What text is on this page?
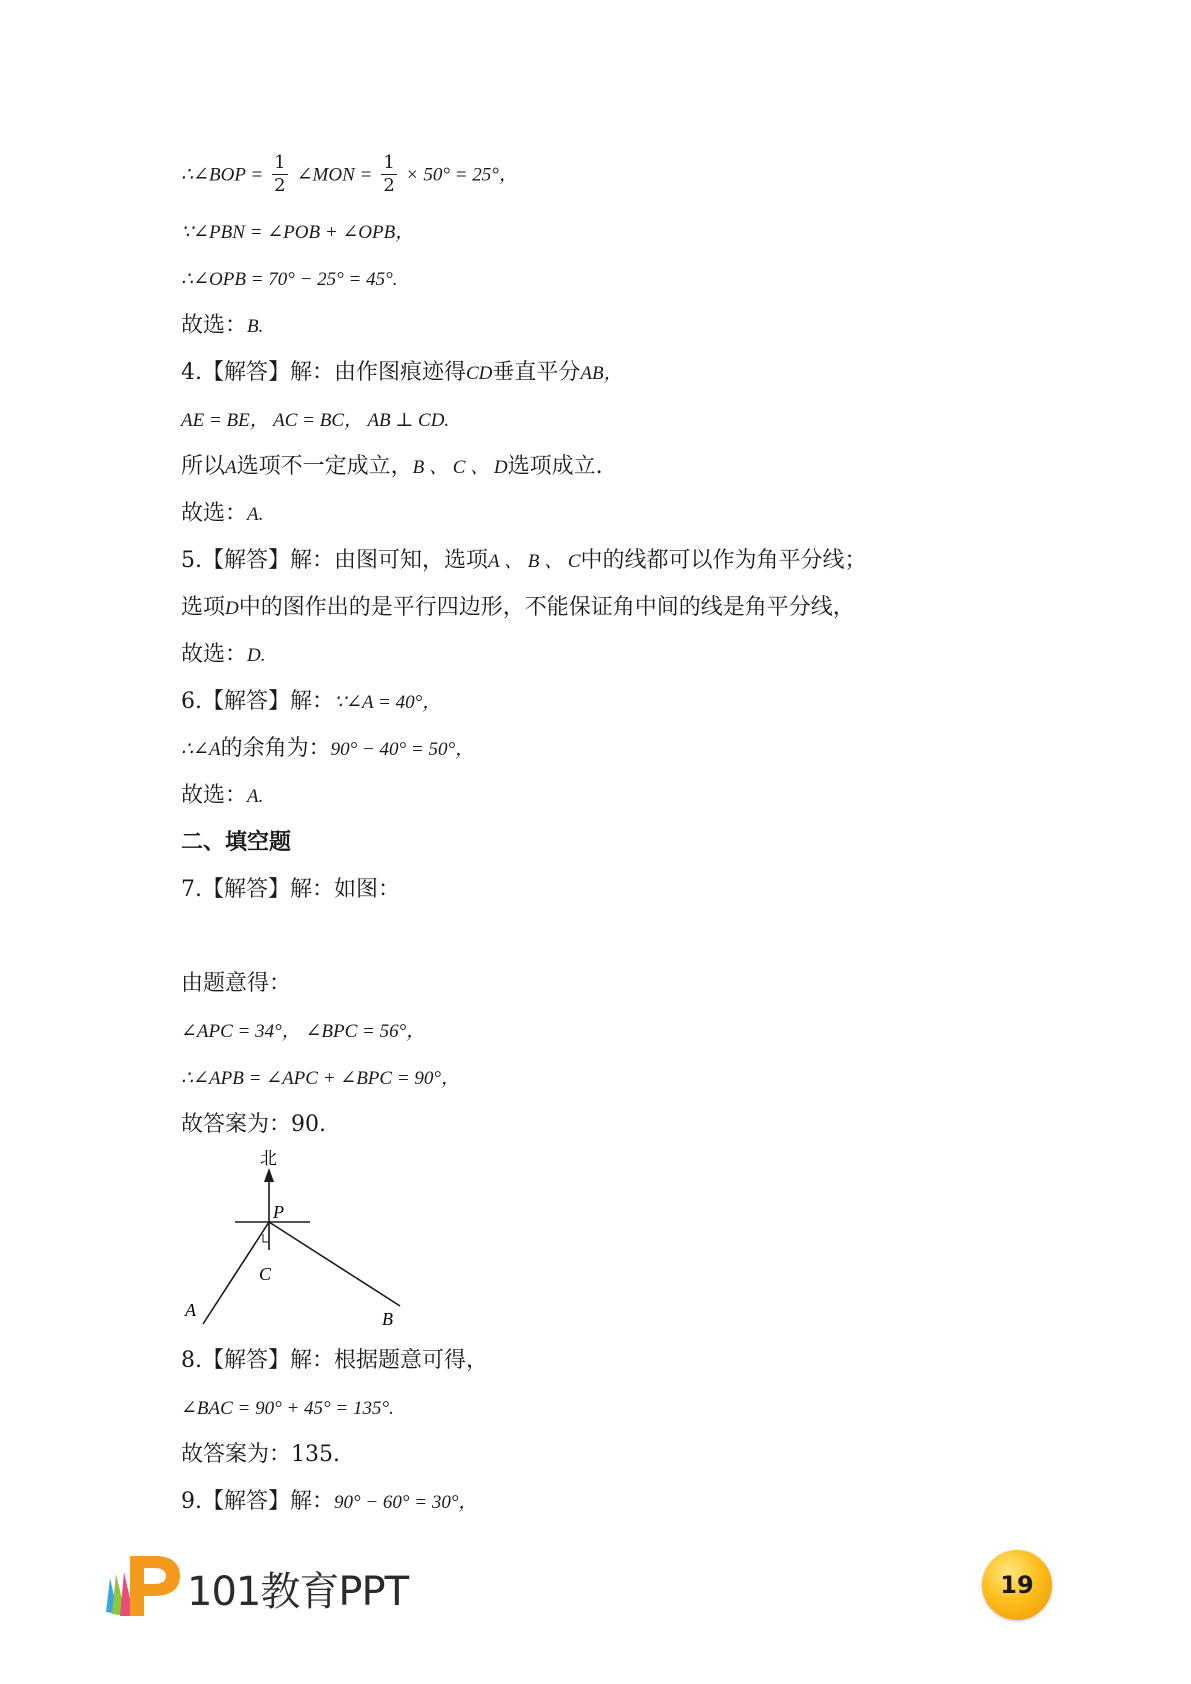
∴∠BOP = $\frac{1}{2}$ ∠MON = $\frac{1}{2} \times 50^\circ = 25^\circ$，
∵∠PBN = ∠POB + ∠OPB，
∴∠OPB = 70° − 25° = 45°.
故选：B.
4.【解答】解：由作图痕迹得CD垂直平分AB，
AE = BE， AC = BC， AB ⊥ CD.
所以A选项不一定成立，B 、 C 、 D选项成立.
故选：A.
5.【解答】解：由图可知，选项A 、 B 、 C中的线都可以作为角平分线；
选项D中的图作出的是平行四边形，不能保证角中间的线是角平分线，
故选：D.
6.【解答】解：∵∠A = 40°，
∴∠A的余角为：90° − 40° = 50°，
故选：A.
二、填空题
7.【解答】解：如图：
由题意得：
∠APC = 34°， ∠BPC = 56°，
∴∠APB = ∠APC + ∠BPC = 90°，
故答案为：90.
北
P
C
A	B
8.【解答】解：根据题意可得，
∠BAC = 90° + 45° = 135°.
故答案为：135.
9.【解答】解：90° − 60° = 30°，
101教育PPT	19
